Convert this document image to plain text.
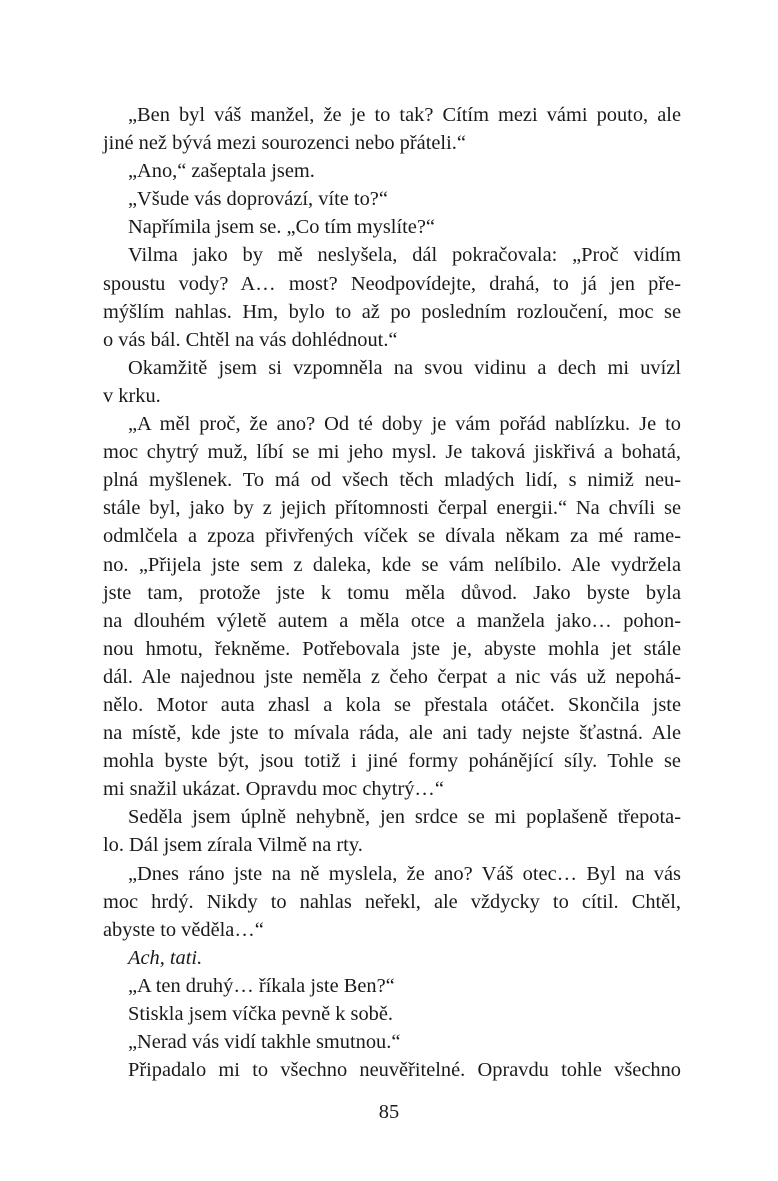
„Ben byl váš manžel, že je to tak? Cítím mezi vámi pouto, ale
jiné než bývá mezi sourozenci nebo přáteli.“
„Ano,“ zašeptala jsem.
„Všude vás doprovází, víte to?“
Napřímila jsem se. „Co tím myslíte?“
Vilma jako by mě neslyšela, dál pokračovala: „Proč vidím
spoustu vody? A… most? Neodpovídejte, drahá, to já jen pře-
mýšlím nahlas. Hm, bylo to až po posledním rozloučení, moc se
o vás bál. Chtěl na vás dohlédnout.“
Okamžitě jsem si vzpomněla na svou vidinu a dech mi uvízl
v krku.
„A měl proč, že ano? Od té doby je vám pořád nablízku. Je to
moc chytrý muž, líbí se mi jeho mysl. Je taková jiskřivá a bohatá,
plná myšlenek. To má od všech těch mladých lidí, s nimiž neu-
stále byl, jako by z jejich přítomnosti čerpal energii.“ Na chvíli se
odmlčela a zpoza přivřených víček se dívala někam za mé rame-
no. „Přijela jste sem z daleka, kde se vám nelíbilo. Ale vydržela
jste tam, protože jste k tomu měla důvod. Jako byste byla
na dlouhém výletě autem a měla otce a manžela jako… pohon-
nou hmotu, řekněme. Potřebovala jste je, abyste mohla jet stále
dál. Ale najednou jste neměla z čeho čerpat a nic vás už nepohá-
nělo. Motor auta zhasl a kola se přestala otáčet. Skončila jste
na místě, kde jste to mívala ráda, ale ani tady nejste šťastná. Ale
mohla byste být, jsou totiž i jiné formy pohánějící síly. Tohle se
mi snažil ukázat. Opravdu moc chytrý…“
Seděla jsem úplně nehybně, jen srdce se mi poplašeně třepota-
lo. Dál jsem zírala Vilmě na rty.
„Dnes ráno jste na ně myslela, že ano? Váš otec… Byl na vás
moc hrdý. Nikdy to nahlas neřekl, ale vždycky to cítil. Chtěl,
abyste to věděla…“
Ach, tati.
„A ten druhý… říkala jste Ben?“
Stiskla jsem víčka pevně k sobě.
„Nerad vás vidí takhle smutnou.“
Připadalo mi to všechno neuvěřitelné. Opravdu tohle všechno
85
